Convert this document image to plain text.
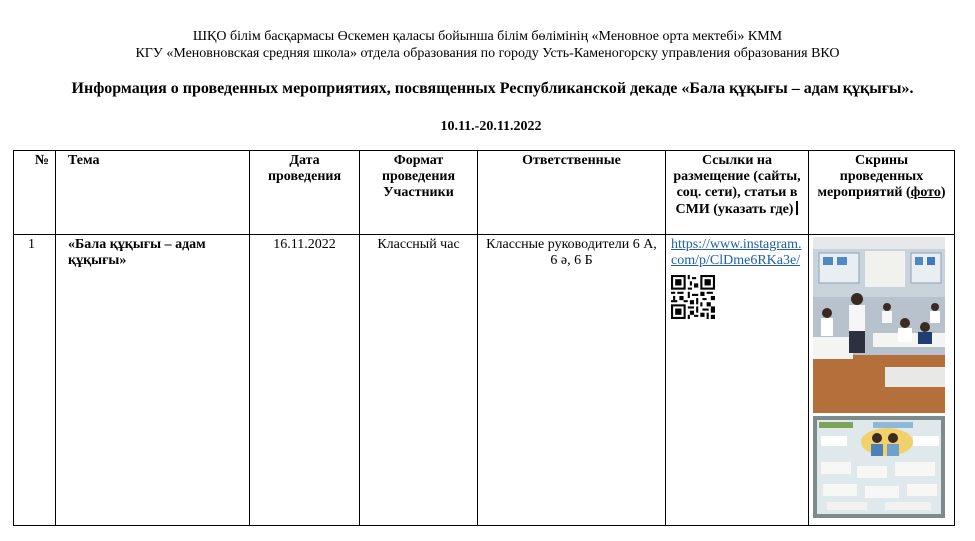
ШҚО білім басқармасы Өскемен қаласы бойынша білім бөлімінің «Меновное орта мектебі» КММ
КГУ «Меновновская средняя школа» отдела образования по городу Усть-Каменогорску управления образования ВКО
Информация о проведенных мероприятиях, посвященных Республиканской декаде «Бала құқығы – адам құқығы».
10.11.-20.11.2022
№	Тема	Дата проведения	Формат проведения Участники	Ответственные	Ссылки на размещение (сайты, соц. сети), статьи в СМИ (указать где)	Скрины проведенных мероприятий (фото)
1	«Бала құқығы – адам құқығы»	16.11.2022	Классный час	Классные руководители 6 А, 6 ә, 6 Б	https://www.instagram.com/p/ClDme6RKa3e/
